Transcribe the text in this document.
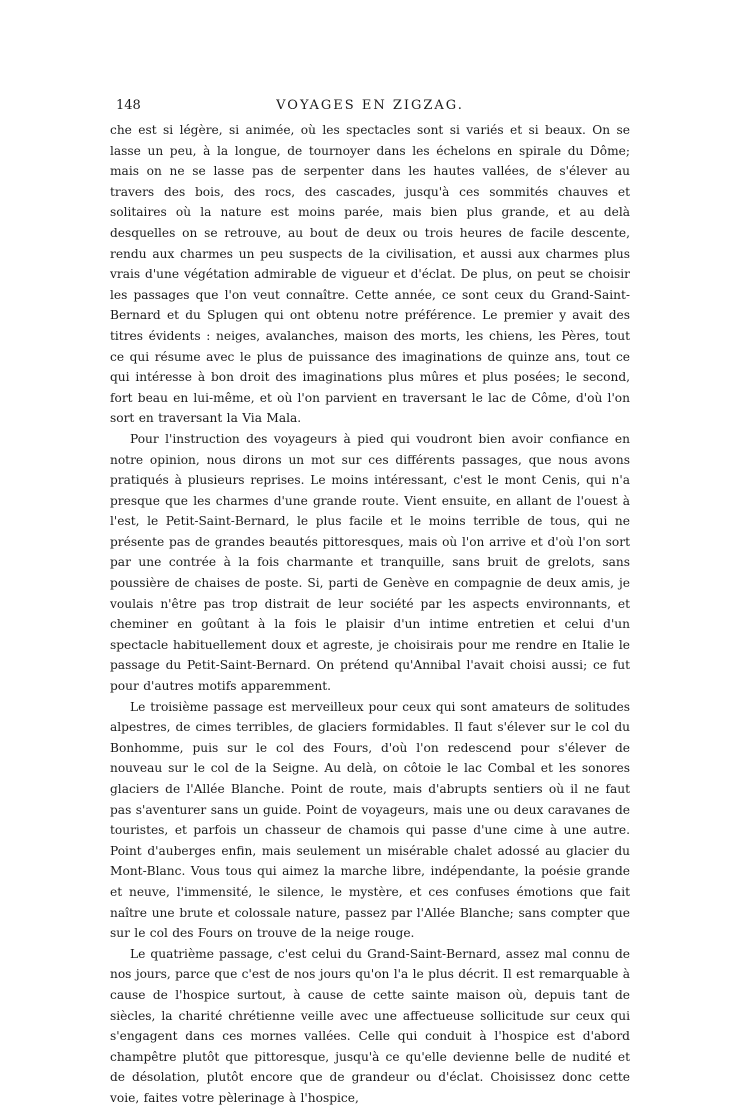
148	VOYAGES EN ZIGZAG.

che est si légère, si animée, où les spectacles sont si variés et si beaux. On se lasse un peu, à la longue, de tournoyer dans les échelons en spirale du Dôme; mais on ne se lasse pas de serpenter dans les hautes vallées, de s'élever au travers des bois, des rocs, des cascades, jusqu'à ces sommités chauves et solitaires où la nature est moins parée, mais bien plus grande, et au delà desquelles on se retrouve, au bout de deux ou trois heures de facile descente, rendu aux charmes un peu suspects de la civilisation, et aussi aux charmes plus vrais d'une végétation admirable de vigueur et d'éclat. De plus, on peut se choisir les passages que l'on veut connaître. Cette année, ce sont ceux du Grand-Saint-Bernard et du Splugen qui ont obtenu notre préférence. Le premier y avait des titres évidents : neiges, avalanches, maison des morts, les chiens, les Pères, tout ce qui résume avec le plus de puissance des imaginations de quinze ans, tout ce qui intéresse à bon droit des imaginations plus mûres et plus posées; le second, fort beau en lui-même, et où l'on parvient en traversant le lac de Côme, d'où l'on sort en traversant la Via Mala.

Pour l'instruction des voyageurs à pied qui voudront bien avoir confiance en notre opinion, nous dirons un mot sur ces différents passages, que nous avons pratiqués à plusieurs reprises. Le moins intéressant, c'est le mont Cenis, qui n'a presque que les charmes d'une grande route. Vient ensuite, en allant de l'ouest à l'est, le Petit-Saint-Bernard, le plus facile et le moins terrible de tous, qui ne présente pas de grandes beautés pittoresques, mais où l'on arrive et d'où l'on sort par une contrée à la fois charmante et tranquille, sans bruit de grelots, sans poussière de chaises de poste. Si, parti de Genève en compagnie de deux amis, je voulais n'être pas trop distrait de leur société par les aspects environnants, et cheminer en goûtant à la fois le plaisir d'un intime entretien et celui d'un spectacle habituellement doux et agreste, je choisirais pour me rendre en Italie le passage du Petit-Saint-Bernard. On prétend qu'Annibal l'avait choisi aussi; ce fut pour d'autres motifs apparemment.

Le troisième passage est merveilleux pour ceux qui sont amateurs de solitudes alpestres, de cimes terribles, de glaciers formidables. Il faut s'élever sur le col du Bonhomme, puis sur le col des Fours, d'où l'on redescend pour s'élever de nouveau sur le col de la Seigne. Au delà, on côtoie le lac Combal et les sonores glaciers de l'Allée Blanche. Point de route, mais d'abrupts sentiers où il ne faut pas s'aventurer sans un guide. Point de voyageurs, mais une ou deux caravanes de touristes, et parfois un chasseur de chamois qui passe d'une cime à une autre. Point d'auberges enfin, mais seulement un misérable chalet adossé au glacier du Mont-Blanc. Vous tous qui aimez la marche libre, indépendante, la poésie grande et neuve, l'immensité, le silence, le mystère, et ces confuses émotions que fait naître une brute et colossale nature, passez par l'Allée Blanche; sans compter que sur le col des Fours on trouve de la neige rouge.

Le quatrième passage, c'est celui du Grand-Saint-Bernard, assez mal connu de nos jours, parce que c'est de nos jours qu'on l'a le plus décrit. Il est remarquable à cause de l'hospice surtout, à cause de cette sainte maison où, depuis tant de siècles, la charité chrétienne veille avec une affectueuse sollicitude sur ceux qui s'engagent dans ces mornes vallées. Celle qui conduit à l'hospice est d'abord champêtre plutôt que pittoresque, jusqu'à ce qu'elle devienne belle de nudité et de désolation, plutôt encore que de grandeur ou d'éclat. Choisissez donc cette voie, faites votre pèlerinage à l'hospice,
